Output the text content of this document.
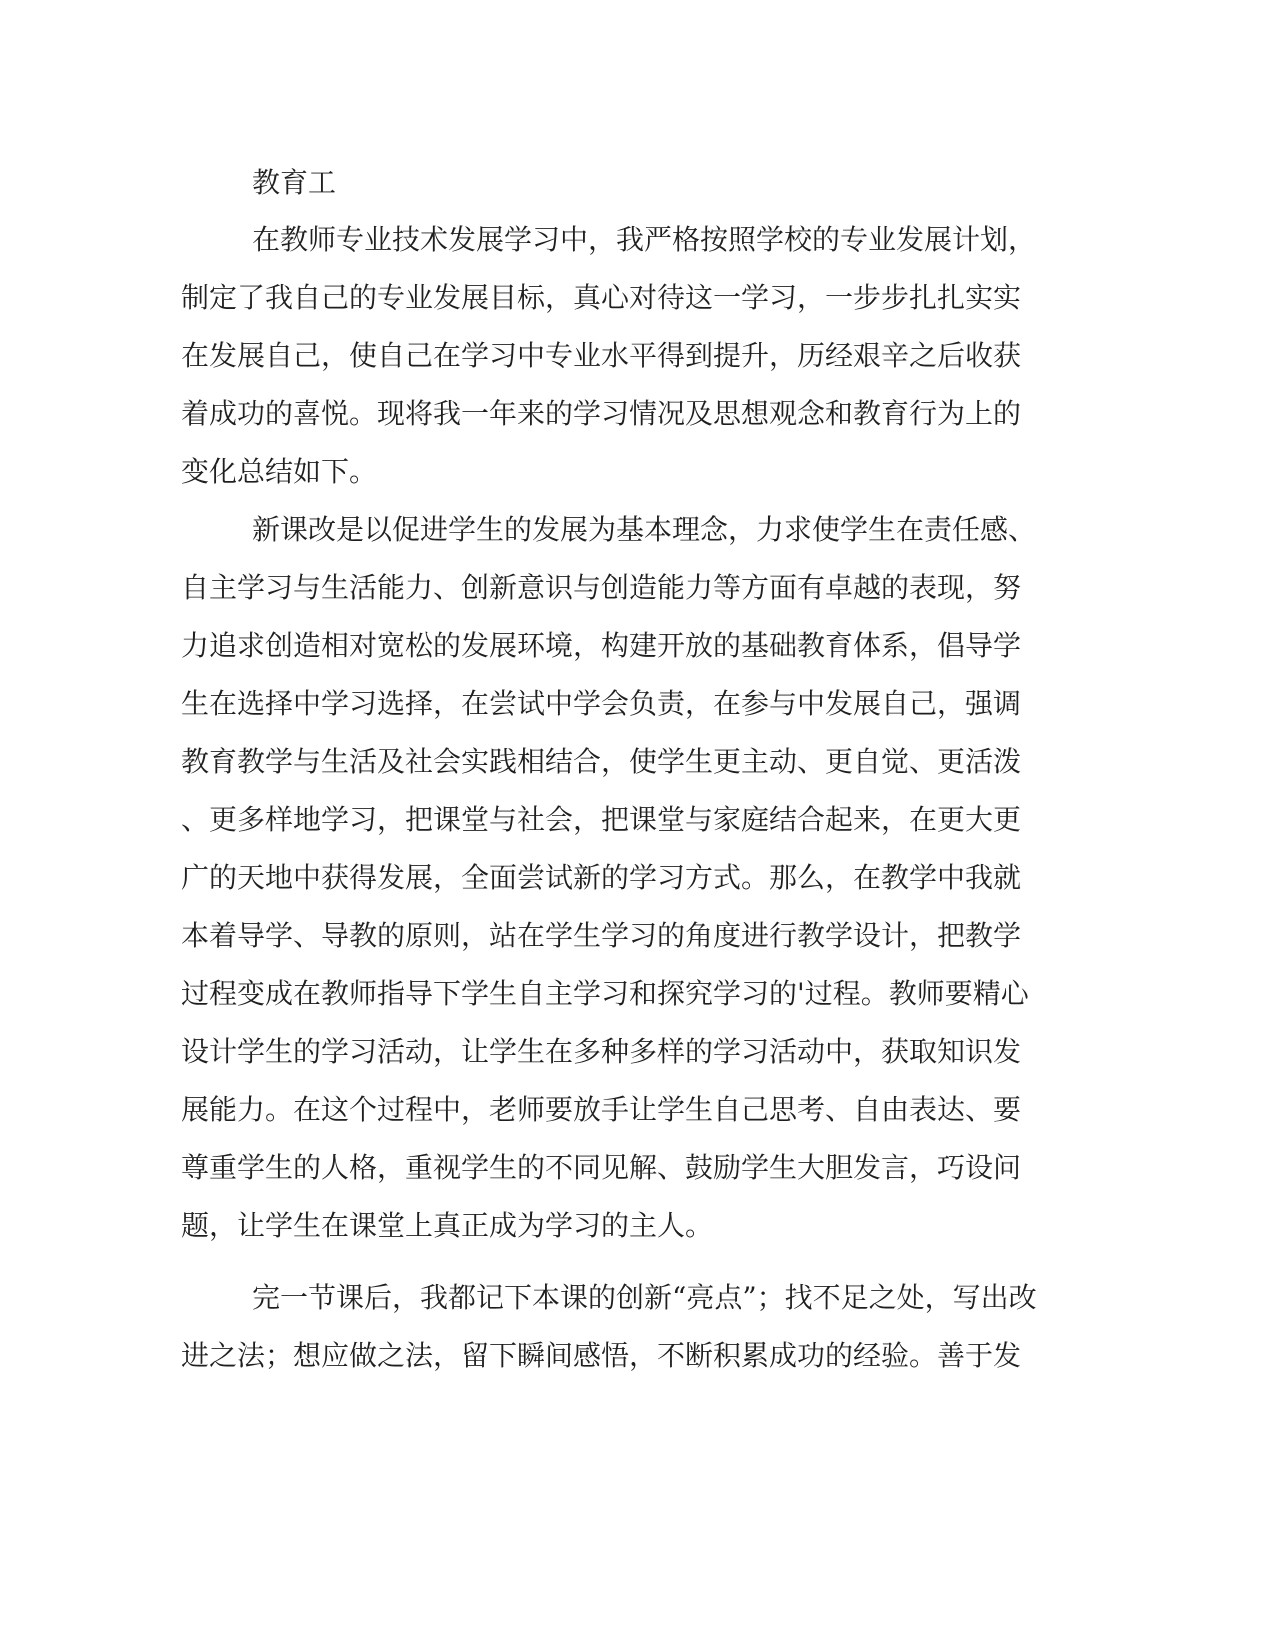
教育工
在教师专业技术发展学习中，我严格按照学校的专业发展计划，
制定了我自己的专业发展目标，真心对待这一学习，一步步扎扎实实
在发展自己，使自己在学习中专业水平得到提升，历经艰辛之后收获
着成功的喜悦。现将我一年来的学习情况及思想观念和教育行为上的
变化总结如下。
新课改是以促进学生的发展为基本理念，力求使学生在责任感、
自主学习与生活能力、创新意识与创造能力等方面有卓越的表现，努
力追求创造相对宽松的发展环境，构建开放的基础教育体系，倡导学
生在选择中学习选择，在尝试中学会负责，在参与中发展自己，强调
教育教学与生活及社会实践相结合，使学生更主动、更自觉、更活泼
、更多样地学习，把课堂与社会，把课堂与家庭结合起来，在更大更
广的天地中获得发展，全面尝试新的学习方式。那么，在教学中我就
本着导学、导教的原则，站在学生学习的角度进行教学设计，把教学
过程变成在教师指导下学生自主学习和探究学习的'过程。教师要精心
设计学生的学习活动，让学生在多种多样的学习活动中，获取知识发
展能力。在这个过程中，老师要放手让学生自己思考、自由表达、要
尊重学生的人格，重视学生的不同见解、鼓励学生大胆发言，巧设问
题，让学生在课堂上真正成为学习的主人。
完一节课后，我都记下本课的创新“亮点”；找不足之处，写出改
进之法；想应做之法，留下瞬间感悟，不断积累成功的经验。善于发
